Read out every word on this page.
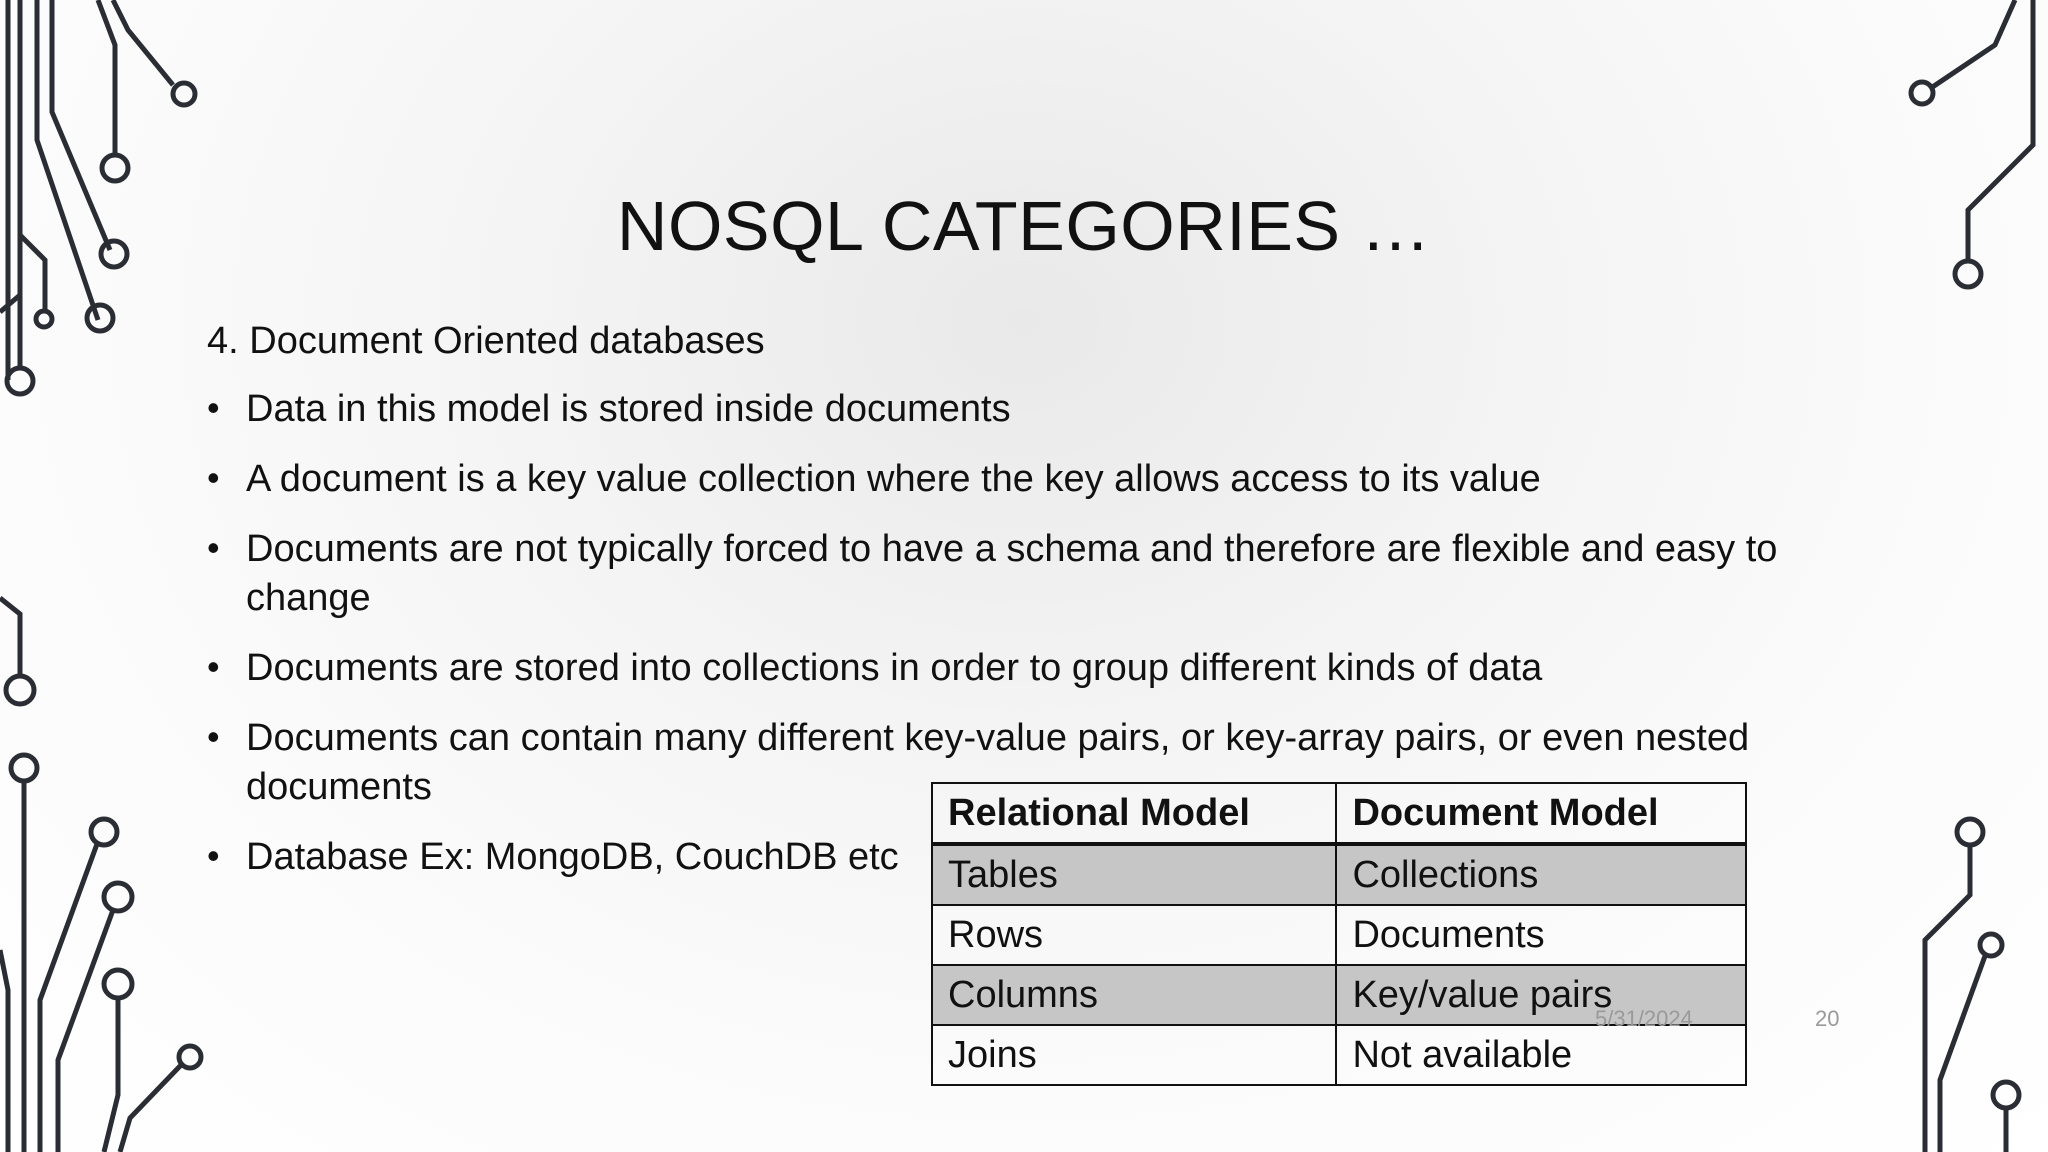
NOSQL CATEGORIES …
4. Document Oriented databases
• Data in this model is stored inside documents
• A document is a key value collection where the key allows access to its value
• Documents are not typically forced to have a schema and therefore are flexible and easy to change
• Documents are stored into collections in order to group different kinds of data
• Documents can contain many different key-value pairs, or key-array pairs, or even nested documents
• Database Ex: MongoDB, CouchDB etc
Relational Model	Document Model
Tables	Collections
Rows	Documents
Columns	Key/value pairs
Joins	Not available
5/31/2024	20
